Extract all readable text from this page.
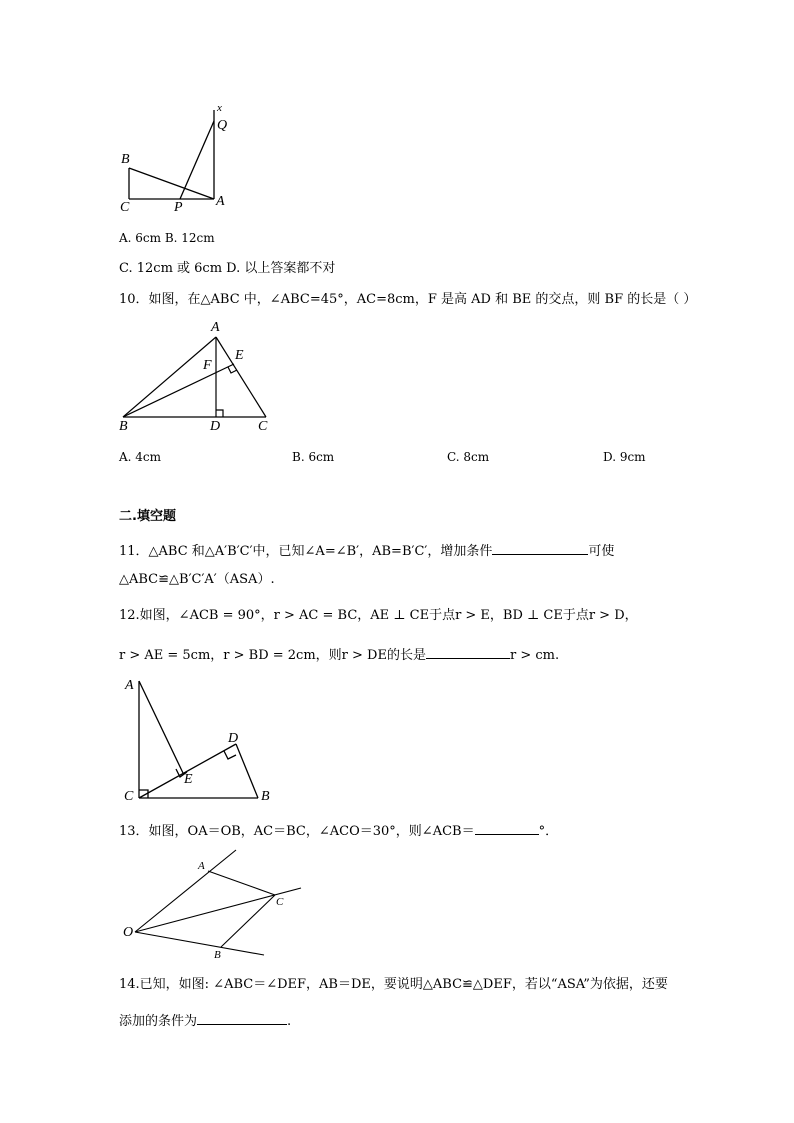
x
Q
B
C	P A
A. 6cm B. 12cm
C. 12cm 或 6cm D. 以上答案都不对
10．如图，在△ABC 中，∠ABC=45°，AC=8cm，F 是高 AD 和 BE 的交点，则 BF 的长是（ ）
A
E
F
B	D	C
A. 4cm	B. 6cm	C. 8cm	D. 9cm
二.填空题
11．△ABC 和△A′B′C′中，已知∠A=∠B′，AB=B′C′，增加条件	可使
△ABC≌△B′C′A′（ASA）.
12.如图，∠ACB = 90°，r > AC = BC，AE ⊥ CE于点r > E，BD ⊥ CE于点r > D，
r > AE = 5cm，r > BD = 2cm，则r > DE的长是	r > cm.
A
D
E
C	B
13．如图，OA＝OB，AC＝BC，∠ACO＝30°，则∠ACB＝	°．
A
C
O
B
14.已知，如图: ∠ABC＝∠DEF，AB＝DE，要说明△ABC≌△DEF，若以“ASA”为依据，还要
添加的条件为	.
